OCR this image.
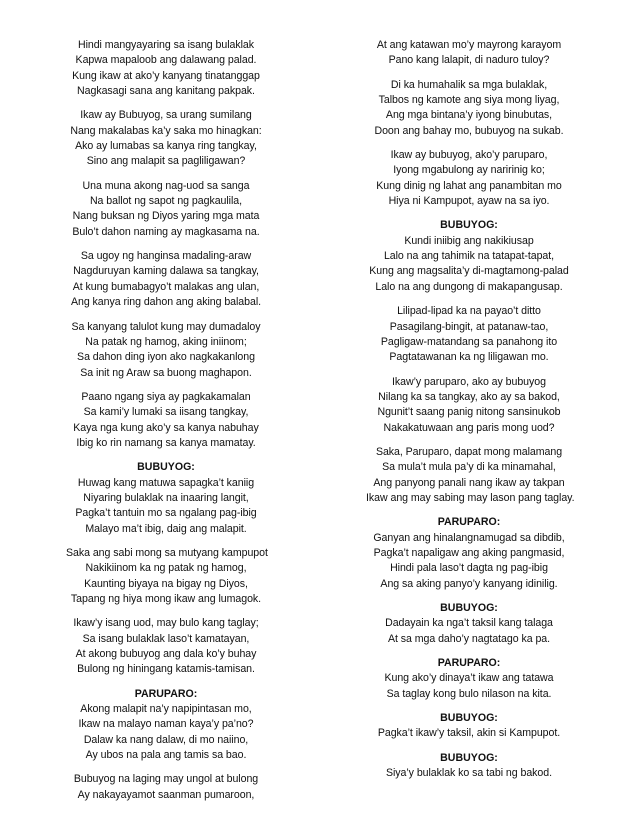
Hindi mangyayaring sa isang bulaklak
Kapwa mapaloob ang dalawang palad.
Kung ikaw at ako’y kanyang tinatanggap
Nagkasagi sana ang kanitang pakpak.
Ikaw ay Bubuyog, sa urang sumilang
Nang makalabas ka’y saka mo hinagkan:
Ako ay lumabas sa kanya ring tangkay,
Sino ang malapit sa pagliligawan?
Una muna akong nag-uod sa sanga
Na ballot ng sapot ng pagkaulila,
Nang buksan ng Diyos yaring mga mata
Bulo’t dahon naming ay magkasama na.
Sa ugoy ng hanginsa madaling-araw
Nagduruyan kaming dalawa sa tangkay,
At kung bumabagyo’t malakas ang ulan,
Ang kanya ring dahon ang aking balabal.
Sa kanyang talulot kung may dumadaloy
Na patak ng hamog, aking iniinom;
Sa dahon ding iyon ako nagkakanlong
Sa init ng Araw sa buong maghapon.
Paano ngang siya ay pagkakamalan
Sa kami’y lumaki sa iisang tangkay,
Kaya nga kung ako’y sa kanya nabuhay
Ibig ko rin namang sa kanya mamatay.
BUBUYOG:
Huwag kang matuwa sapagka’t kaniig
Niyaring bulaklak na inaaring langit,
Pagka’t tantuin mo sa ngalang pag-ibig
Malayo ma’t ibig, daig ang malapit.
Saka ang sabi mong sa mutyang kampupot
Nakikiinom ka ng patak ng hamog,
Kaunting biyaya na bigay ng Diyos,
Tapang ng hiya mong ikaw ang lumagok.
Ikaw’y isang uod, may bulo kang taglay;
Sa isang bulaklak laso’t kamatayan,
At akong bubuyog ang dala ko’y buhay
Bulong ng hiningang katamis-tamisan.
PARUPARO:
Akong malapit na’y napipintasan mo,
Ikaw na malayo naman kaya’y pa’no?
Dalaw ka nang dalaw, di mo naiino,
Ay ubos na pala ang tamis sa bao.
Bubuyog na laging may ungol at bulong
Ay nakayayamot saanman pumaroon,
At ang katawan mo’y mayrong karayom
Pano kang lalapit, di naduro tuloy?
Di ka humahalik sa mga bulaklak,
Talbos ng kamote ang siya mong liyag,
Ang mga bintana’y iyong binubutas,
Doon ang bahay mo, bubuyog na sukab.
Ikaw ay bubuyog, ako’y paruparo,
Iyong mgabulong ay naririnig ko;
Kung dinig ng lahat ang panambitan mo
Hiya ni Kampupot, ayaw na sa iyo.
BUBUYOG:
Kundi iniibig ang nakikiusap
Lalo na ang tahimik na tatapat-tapat,
Kung ang magsalita’y di-magtamong-palad
Lalo na ang dungong di makapangusap.
Lilipad-lipad ka na payao’t ditto
Pasagilang-bingit, at patanaw-tao,
Pagligaw-matandang sa panahong ito
Pagtatawanan ka ng liligawan mo.
Ikaw’y paruparo, ako ay bubuyog
Nilang ka sa tangkay, ako ay sa bakod,
Ngunit’t saang panig nitong sansinukob
Nakakatuwaan ang paris mong uod?
Saka, Paruparo, dapat mong malamang
Sa mula’t mula pa’y di ka minamahal,
Ang panyong panali nang ikaw ay takpan
Ikaw ang may sabing may lason pang taglay.
PARUPARO:
Ganyan ang hinalangnamugad sa dibdib,
Pagka’t napaligaw ang aking pangmasid,
Hindi pala laso’t dagta ng pag-ibig
Ang sa aking panyo’y kanyang idinilig.
BUBUYOG:
Dadayain ka nga’t taksil kang talaga
At sa mga daho’y nagtatago ka pa.
PARUPARO:
Kung ako’y dinaya’t ikaw ang tatawa
Sa taglay kong bulo nilason na kita.
BUBUYOG:
Pagka’t ikaw’y taksil, akin si Kampupot.
BUBUYOG:
Siya’y bulaklak ko sa tabi ng bakod.
